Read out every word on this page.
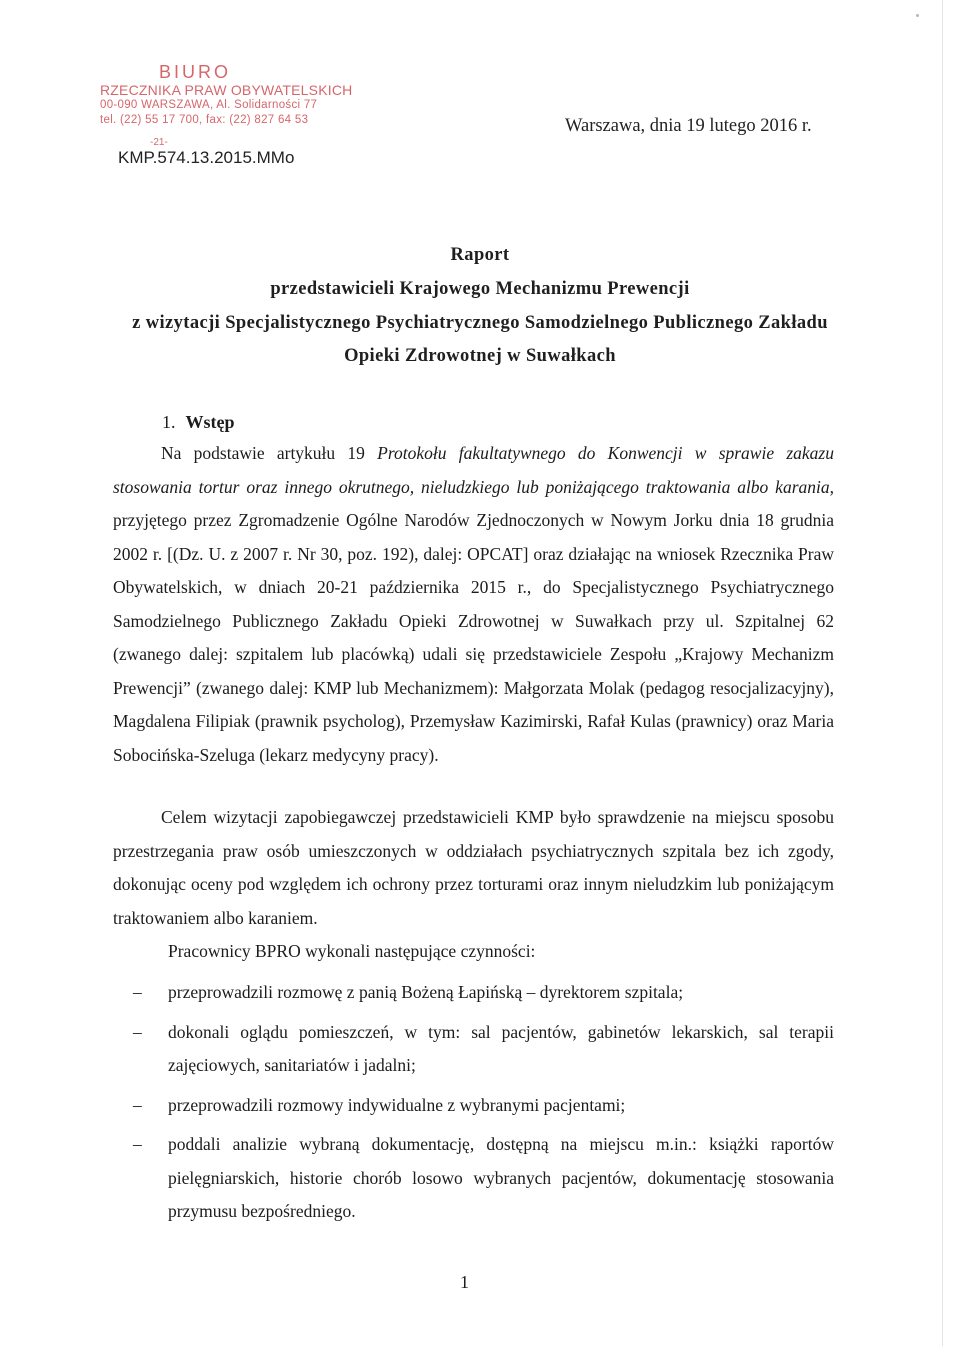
BIURO
RZECZNIKA PRAW OBYWATELSKICH
00-090 WARSZAWA, Al. Solidarności 77
tel. (22) 55 17 700, fax: (22) 827 64 53
-21-
KMP.574.13.2015.MMo
Warszawa, dnia 19 lutego 2016 r.
Raport
przedstawicieli Krajowego Mechanizmu Prewencji
z wizytacji Specjalistycznego Psychiatrycznego Samodzielnego Publicznego Zakładu
Opieki Zdrowotnej w Suwałkach
1. Wstęp

Na podstawie artykułu 19 Protokołu fakultatywnego do Konwencji w sprawie zakazu stosowania tortur oraz innego okrutnego, nieludzkiego lub poniżającego traktowania albo karania, przyjętego przez Zgromadzenie Ogólne Narodów Zjednoczonych w Nowym Jorku dnia 18 grudnia 2002 r. [(Dz. U. z 2007 r. Nr 30, poz. 192), dalej: OPCAT] oraz działając na wniosek Rzecznika Praw Obywatelskich, w dniach 20-21 października 2015 r., do Specjalistycznego Psychiatrycznego Samodzielnego Publicznego Zakładu Opieki Zdrowotnej w Suwałkach przy ul. Szpitalnej 62 (zwanego dalej: szpitalem lub placówką) udali się przedstawiciele Zespołu „Krajowy Mechanizm Prewencji” (zwanego dalej: KMP lub Mechanizmem): Małgorzata Molak (pedagog resocjalizacyjny), Magdalena Filipiak (prawnik psycholog), Przemysław Kazimirski, Rafał Kulas (prawnicy) oraz Maria Sobocińska-Szeluga (lekarz medycyny pracy).

Celem wizytacji zapobiegawczej przedstawicieli KMP było sprawdzenie na miejscu sposobu przestrzegania praw osób umieszczonych w oddziałach psychiatrycznych szpitala bez ich zgody, dokonując oceny pod względem ich ochrony przez torturami oraz innym nieludzkim lub poniżającym traktowaniem albo karaniem.

Pracownicy BPRO wykonali następujące czynności:
– przeprowadzili rozmowę z panią Bożeną Łapińską – dyrektorem szpitala;
– dokonali oglądu pomieszczeń, w tym: sal pacjentów, gabinetów lekarskich, sal terapii zajęciowych, sanitariatów i jadalni;
– przeprowadzili rozmowy indywidualne z wybranymi pacjentami;
– poddali analizie wybraną dokumentację, dostępną na miejscu m.in.: książki raportów pielęgniarskich, historie chorób losowo wybranych pacjentów, dokumentację stosowania przymusu bezpośredniego.
1
